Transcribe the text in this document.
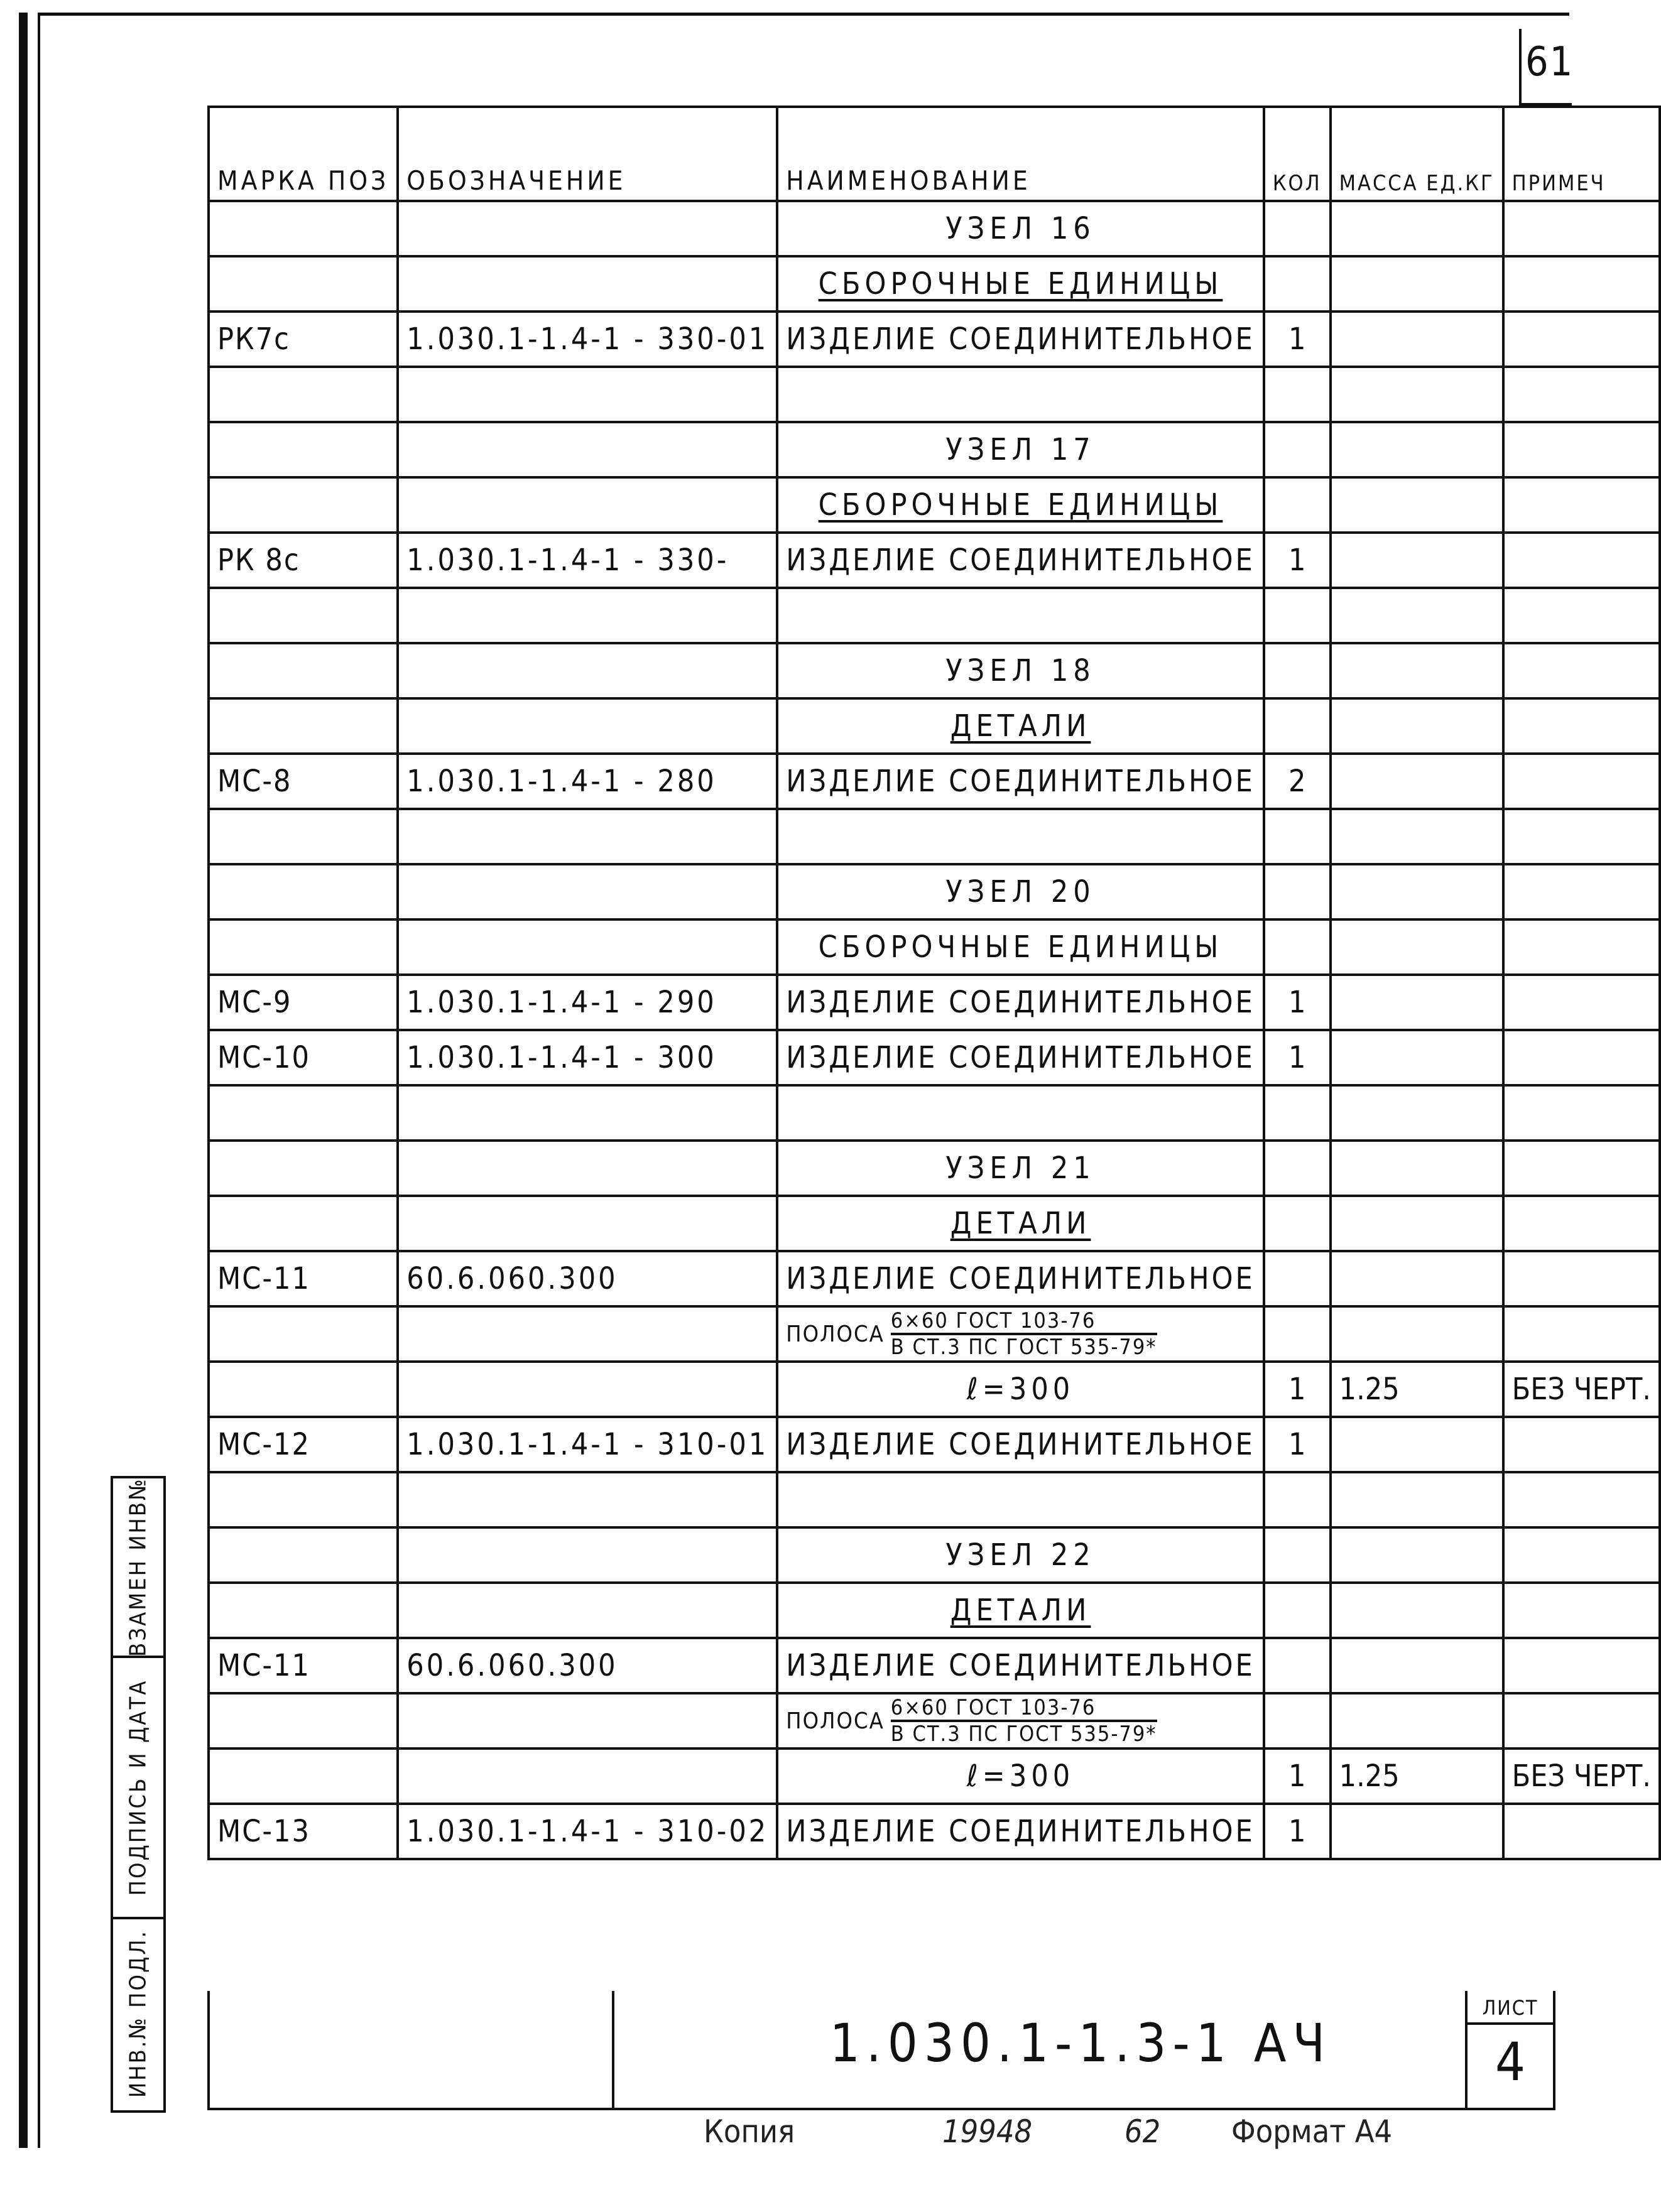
61
МАРКА ПОЗ	ОБОЗНАЧЕНИЕ	НАИМЕНОВАНИЕ	КОЛ	МАССА ЕД.КГ	ПРИМЕЧ
		УЗЕЛ 16			
		СБОРОЧНЫЕ ЕДИНИЦЫ			
РК7с	1.030.1-1.4-1 - 330-01	ИЗДЕЛИЕ СОЕДИНИТЕЛЬНОЕ	1		

		УЗЕЛ 17			
		СБОРОЧНЫЕ ЕДИНИЦЫ			
РК 8с	1.030.1-1.4-1 - 330-	ИЗДЕЛИЕ СОЕДИНИТЕЛЬНОЕ	1		

		УЗЕЛ 18			
		ДЕТАЛИ			
МС-8	1.030.1-1.4-1 - 280	ИЗДЕЛИЕ СОЕДИНИТЕЛЬНОЕ	2		

		УЗЕЛ 20			
		СБОРОЧНЫЕ ЕДИНИЦЫ			
МС-9	1.030.1-1.4-1 - 290	ИЗДЕЛИЕ СОЕДИНИТЕЛЬНОЕ	1		
МС-10	1.030.1-1.4-1 - 300	ИЗДЕЛИЕ СОЕДИНИТЕЛЬНОЕ	1		

		УЗЕЛ 21			
		ДЕТАЛИ			
МС-11	60.6.060.300	ИЗДЕЛИЕ СОЕДИНИТЕЛЬНОЕ			

		ПОЛОСА $\frac{\text{6×60 ГОСТ 103-76}}{\text{В СТ.3 ПС ГОСТ 535-79*}}$

		ℓ=300	1	1.25	БЕЗ ЧЕРТ.
МС-12	1.030.1-1.4-1 - 310-01	ИЗДЕЛИЕ СОЕДИНИТЕЛЬНОЕ	1		

		УЗЕЛ 22			
		ДЕТАЛИ			
МС-11	60.6.060.300	ИЗДЕЛИЕ СОЕДИНИТЕЛЬНОЕ			

		ПОЛОСА $\frac{\text{6×60 ГОСТ 103-76}}{\text{В СТ.3 ПС ГОСТ 535-79*}}$

		ℓ=300	1	1.25	БЕЗ ЧЕРТ.
МС-13	1.030.1-1.4-1 - 310-02	ИЗДЕЛИЕ СОЕДИНИТЕЛЬНОЕ	1		
1.030.1-1.3-1 АЧ
ЛИСТ
4
ВЗАМЕН ИНВ№
ПОДПИСЬ И ДАТА
ИНВ.№ ПОДЛ.
Копия	19948	62 Формат А4
